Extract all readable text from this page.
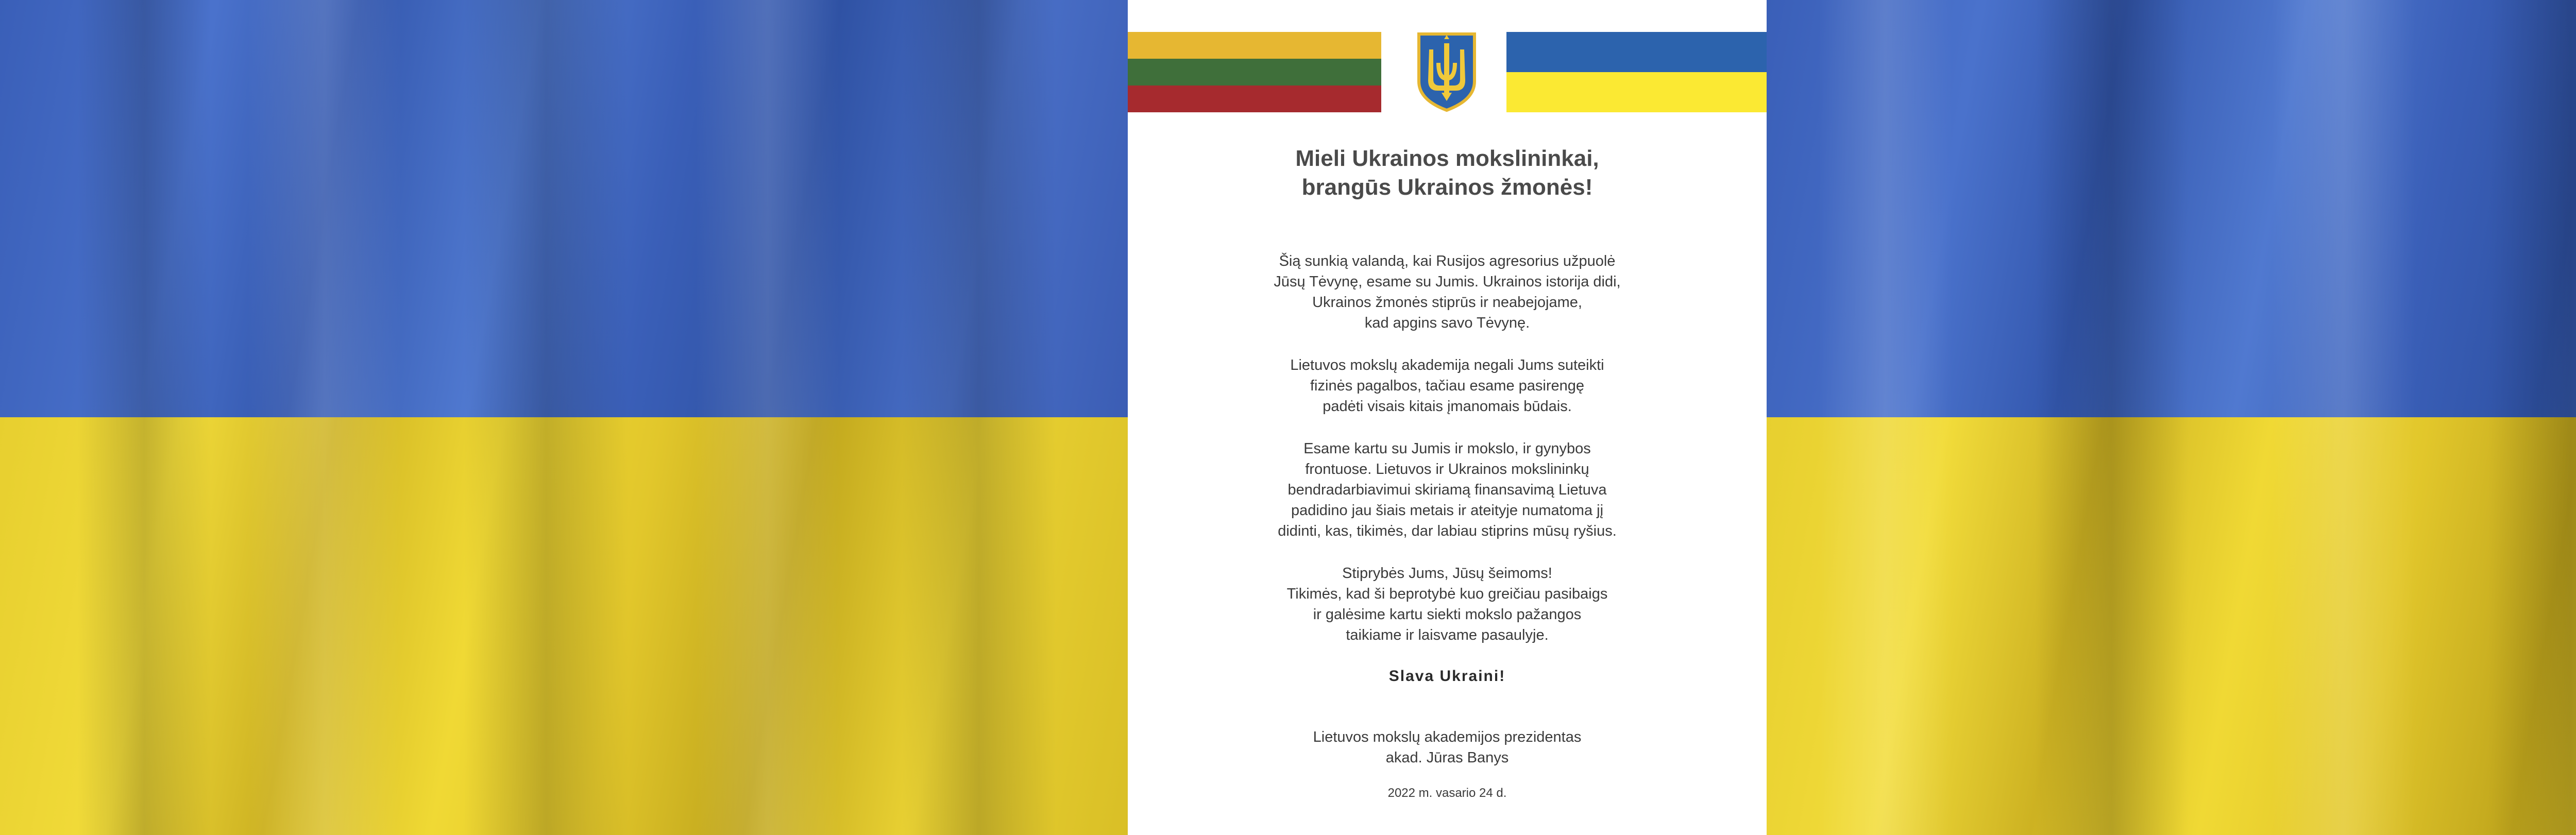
Mieli Ukrainos mokslininkai,
brangūs Ukrainos žmonės!

Šią sunkią valandą, kai Rusijos agresorius užpuolė
Jūsų Tėvynę, esame su Jumis. Ukrainos istorija didi,
Ukrainos žmonės stiprūs ir neabejojame,
kad apgins savo Tėvynę.

Lietuvos mokslų akademija negali Jums suteikti
fizinės pagalbos, tačiau esame pasirengę
padėti visais kitais įmanomais būdais.

Esame kartu su Jumis ir mokslo, ir gynybos
frontuose. Lietuvos ir Ukrainos mokslininkų
bendradarbiavimui skiriamą finansavimą Lietuva
padidino jau šiais metais ir ateityje numatoma jį
didinti, kas, tikimės, dar labiau stiprins mūsų ryšius.

Stiprybės Jums, Jūsų šeimoms!
Tikimės, kad ši beprotybė kuo greičiau pasibaigs
ir galėsime kartu siekti mokslo pažangos
taikiame ir laisvame pasaulyje.

Slava Ukraini!

Lietuvos mokslų akademijos prezidentas
akad. Jūras Banys

2022 m. vasario 24 d.
